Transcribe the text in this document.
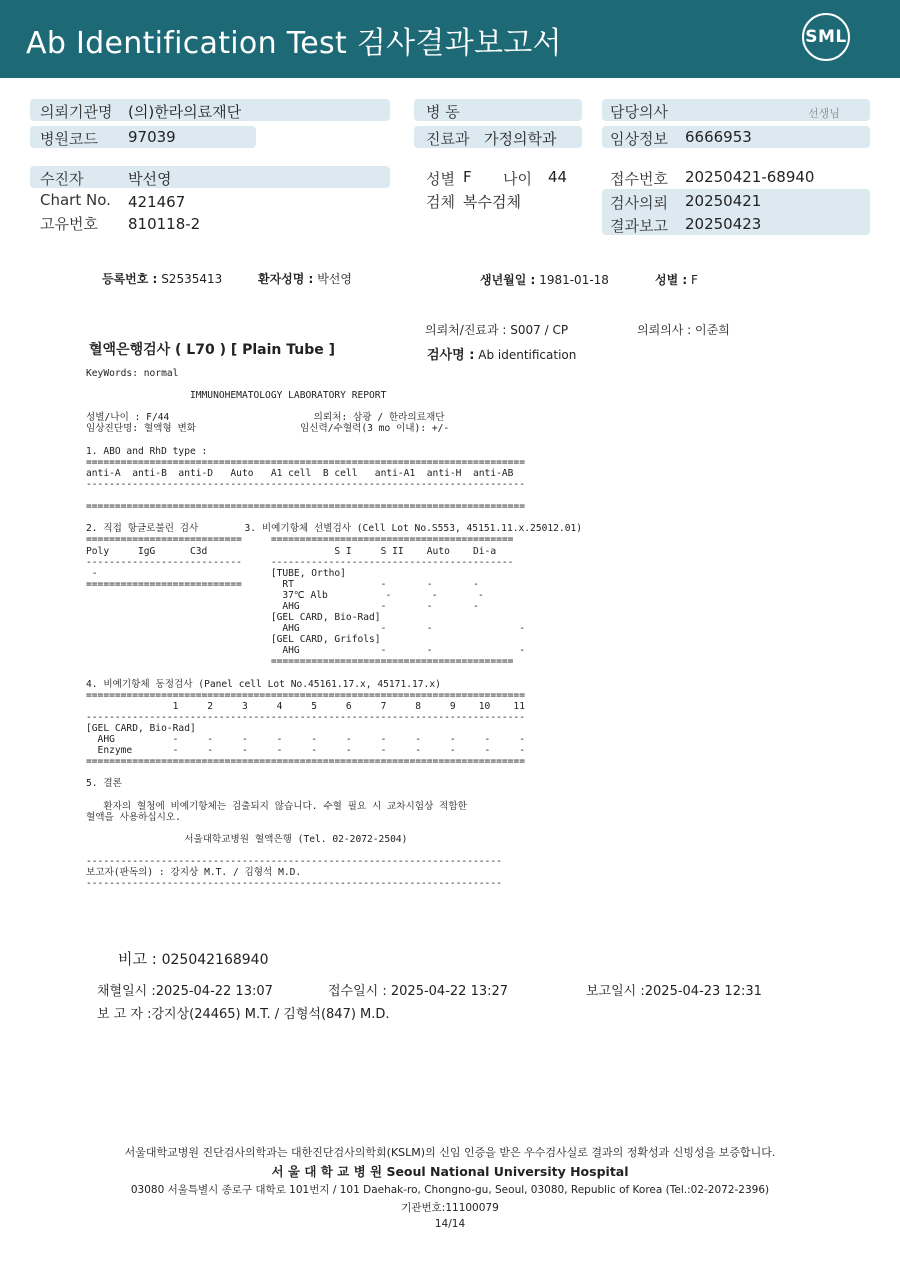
Ab Identification Test 검사결과보고서	SML
의뢰기관명 (의)한라의료재단	병 동	담당의사	선생님
병원코드 97039	진료과 가정의학과	임상정보 6666953
수진자	박선영	성별 F 나이 44	접수번호 20250421-68940
Chart No. 421467	검체 복수검체	검사의뢰 20250421
고유번호 810118-2	결과보고 20250423
등록번호 : S2535413	환자성명 : 박선영	생년월일 : 1981-01-18	성별 : F
의뢰처/진료과 : S007 / CP	의뢰의사 : 이준희
혈액은행검사 ( L70 ) [ Plain Tube ]	검사명 : Ab identification
KeyWords: normal

IMMUNOHEMATOLOGY LABORATORY REPORT

성별/나이 : F/44                         의뢰처: 삼광 / 한라의료재단
임상진단명: 혈액형 변화                  임신력/수혈력(3 mo 이내): +/-

1. ABO and RhD type :
============================================================================
anti-A  anti-B  anti-D   Auto   A1 cell  B cell   anti-A1  anti-H  anti-AB
----------------------------------------------------------------------------

============================================================================

2. 직접 항글로불린 검사        3. 비예기항체 선별검사 (Cell Lot No.S553, 45151.11.x.25012.01)
===========================     ==========================================
Poly     IgG      C3d                      S I     S II    Auto    Di-a
---------------------------     ------------------------------------------
-                              [TUBE, Ortho]
===========================       RT               -       -       -
37℃ Alb          -       -       -
AHG              -       -       -
[GEL CARD, Bio-Rad]
AHG              -       -               -
[GEL CARD, Grifols]
AHG              -       -               -
==========================================

4. 비예기항체 동정검사 (Panel cell Lot No.45161.17.x, 45171.17.x)
============================================================================
1     2     3     4     5     6     7     8     9    10    11
----------------------------------------------------------------------------
[GEL CARD, Bio-Rad]
AHG          -     -     -     -     -     -     -     -     -     -     -
Enzyme       -     -     -     -     -     -     -     -     -     -     -
============================================================================

5. 결론

환자의 혈청에 비예기항체는 검출되지 않습니다. 수혈 필요 시 교차시험상 적합한
혈액을 사용하십시오.

서울대학교병원 혈액은행 (Tel. 02-2072-2504)

------------------------------------------------------------------------
보고자(판독의) : 강지상 M.T. / 김형석 M.D.
------------------------------------------------------------------------
비고 : 025042168940
채혈일시 :2025-04-22 13:07	접수일시 : 2025-04-22 13:27	보고일시 :2025-04-23 12:31
보 고 자 :강지상(24465) M.T. / 김형석(847) M.D.
서울대학교병원 진단검사의학과는 대한진단검사의학회(KSLM)의 신임 인증을 받은 우수검사실로 결과의 정확성과 신빙성을 보증합니다.
서 울 대 학 교 병 원 Seoul National University Hospital
03080 서울특별시 종로구 대학로 101번지 / 101 Daehak-ro, Chongno-gu, Seoul, 03080, Republic of Korea (Tel.:02-2072-2396)
기관번호:11100079
14/14
